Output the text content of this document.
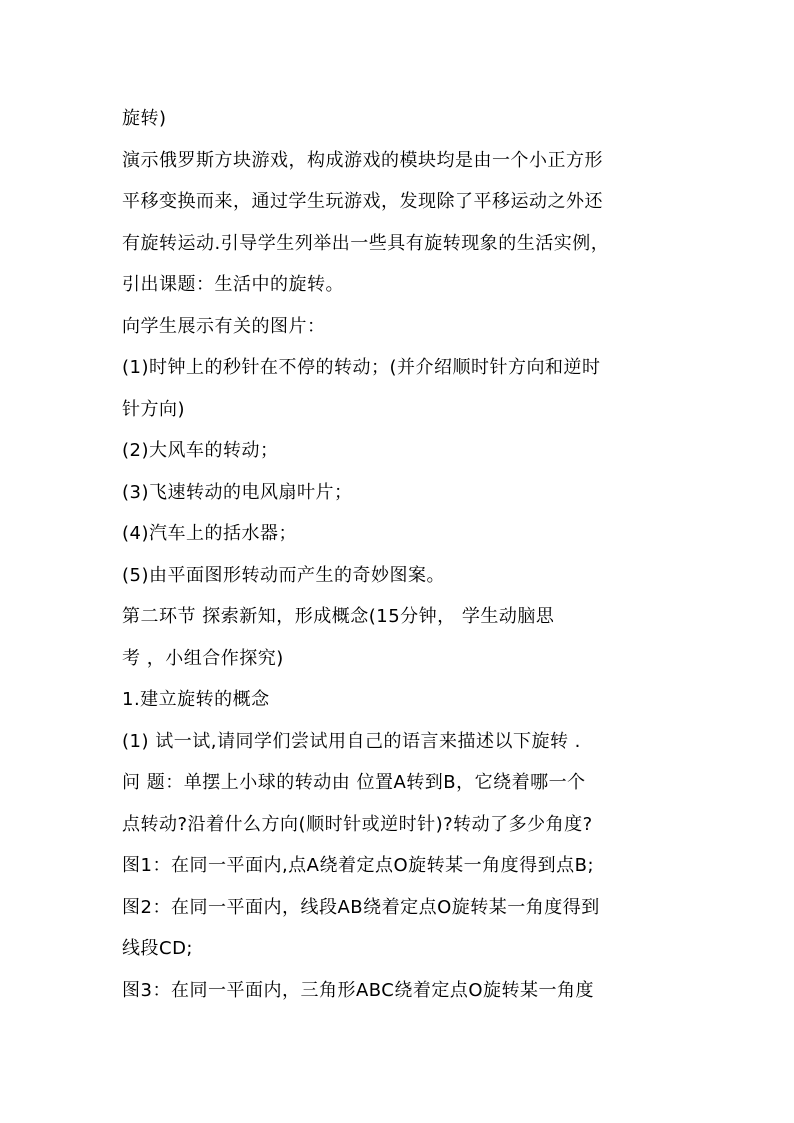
旋转)
演示俄罗斯方块游戏，构成游戏的模块均是由一个小正方形
平移变换而来，通过学生玩游戏，发现除了平移运动之外还
有旋转运动.引导学生列举出一些具有旋转现象的生活实例，
引出课题：生活中的旋转。
向学生展示有关的图片：
(1)时钟上的秒针在不停的转动；(并介绍顺时针方向和逆时
针方向)
(2)大风车的转动；
(3)飞速转动的电风扇叶片；
(4)汽车上的括水器；
(5)由平面图形转动而产生的奇妙图案。
第二环节 探索新知，形成概念(15分钟， 学生动脑思
考 ，小组合作探究)
1.建立旋转的概念
(1) 试一试,请同学们尝试用自己的语言来描述以下旋转 .
问 题：单摆上小球的转动由 位置A转到B，它绕着哪一个
点转动?沿着什么方向(顺时针或逆时针)?转动了多少角度?
图1：在同一平面内,点A绕着定点O旋转某一角度得到点B;
图2：在同一平面内，线段AB绕着定点O旋转某一角度得到
线段CD;
图3：在同一平面内，三角形ABC绕着定点O旋转某一角度
